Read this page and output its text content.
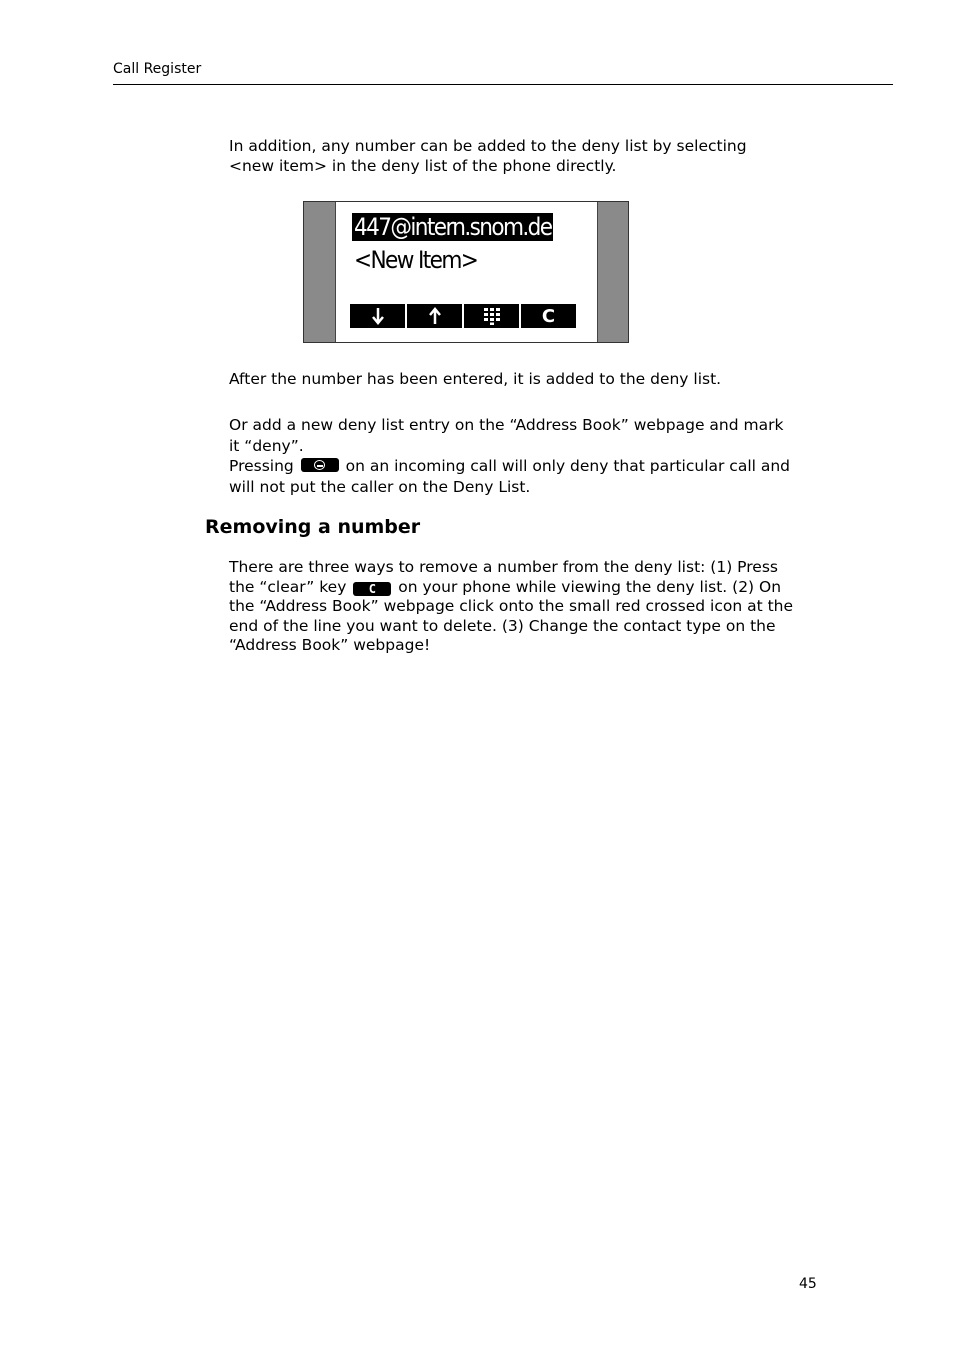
Call Register

In addition, any number can be added to the deny list by selecting
<new item> in the deny list of the phone directly.

447@intern.snom.de
<New Item>
C

After the number has been entered, it is added to the deny list.

Or add a new deny list entry on the “Address Book” webpage and mark
it “deny”.
Pressing	on an incoming call will only deny that particular call and
will not put the caller on the Deny List.

Removing a number

There are three ways to remove a number from the deny list: (1) Press
the “clear” key C on your phone while viewing the deny list. (2) On
the “Address Book” webpage click onto the small red crossed icon at the
end of the line you want to delete. (3) Change the contact type on the
“Address Book” webpage!

45
